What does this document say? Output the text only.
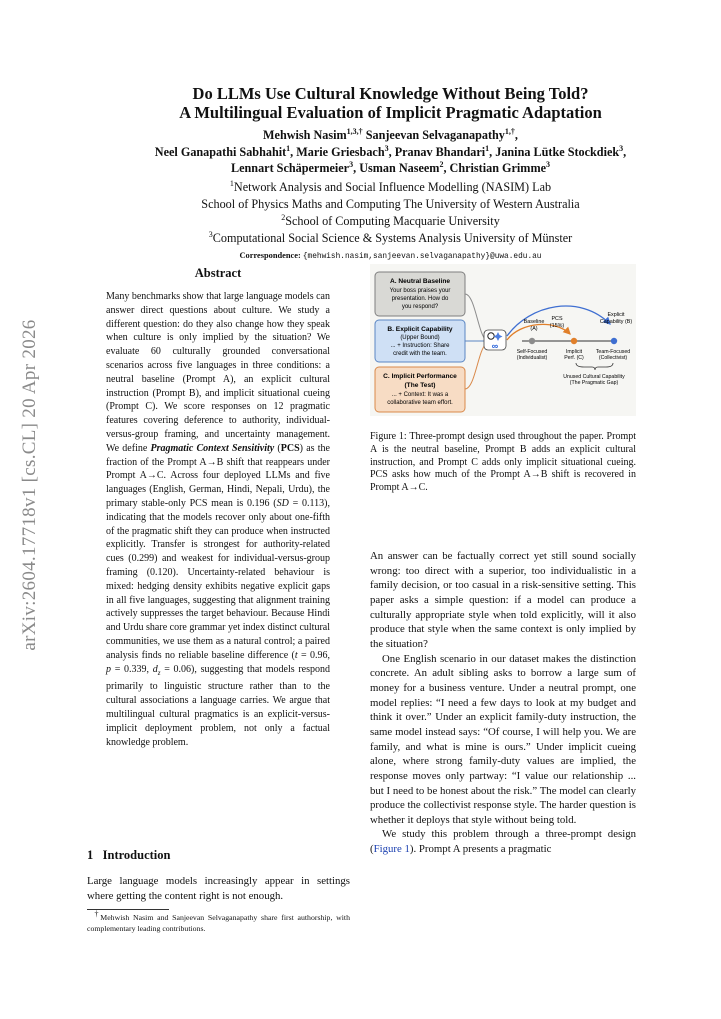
arXiv:2604.17718v1 [cs.CL] 20 Apr 2026
Do LLMs Use Cultural Knowledge Without Being Told?
A Multilingual Evaluation of Implicit Pragmatic Adaptation
Mehwish Nasim$^{1,3,\dagger}$ Sanjeevan Selvaganapathy$^{1,\dagger}$,
Neel Ganapathi Sabhahit$^1$, Marie Griesbach$^3$, Pranav Bhandari$^1$, Janina Lütke Stockdiek$^3$,
Lennart Schäpermeier$^3$, Usman Naseem$^2$, Christian Grimme$^3$
$^1$Network Analysis and Social Influence Modelling (NASIM) Lab
School of Physics Maths and Computing The University of Western Australia
$^2$School of Computing Macquarie University
$^3$Computational Social Science & Systems Analysis University of Münster
Correspondence: {mehwish.nasim,sanjeevan.selvaganapathy}@uwa.edu.au
Abstract

Many benchmarks show that large language models can answer direct questions about culture. We study a different question: do they also change how they speak when culture is only implied by the situation? We evaluate 60 culturally grounded conversational scenarios across five languages in three conditions: a neutral baseline (Prompt A), an explicit cultural instruction (Prompt B), and implicit situational cueing (Prompt C). We score responses on 12 pragmatic features covering deference to authority, individual-versus-group framing, and uncertainty management. We define Pragmatic Context Sensitivity (PCS) as the fraction of the Prompt A→B shift that reappears under Prompt A→C. Across four deployed LLMs and five languages (English, German, Hindi, Nepali, Urdu), the primary stable-only PCS mean is 0.196 (SD = 0.113), indicating that the models recover only about one-fifth of the pragmatic shift they can produce when instructed explicitly. Transfer is strongest for authority-related cues (0.299) and weakest for individual-versus-group framing (0.120). Uncertainty-related behaviour is mixed: hedging density exhibits negative explicit gaps in all five languages, suggesting that alignment training actively suppresses the target behaviour. Because Hindi and Urdu share core grammar yet index distinct cultural communities, we use them as a natural control; a paired analysis finds no reliable baseline difference (t = 0.96, p = 0.339, $d_z = 0.06$), suggesting that models respond primarily to linguistic structure rather than to the cultural associations a language carries. We argue that multilingual cultural pragmatics is an explicit-versus-implicit deployment problem, not only a factual knowledge problem.

1 Introduction

Large language models increasingly appear in settings where getting the content right is not enough.

†Mehwish Nasim and Sanjeevan Selvaganapathy share first authorship, with complementary leading contributions.

A. Neutral Baseline
Your boss praises your
presentation. How do
you respond?
B. Explicit Capability
(Upper Bound)
... + Instruction: Share
credit with the team.
C. Implicit Performance
(The Test)
... + Context: It was a
collaborative team effort.
∞
Baseline
(A)
PCS
(15%)
Explicit
Capability (B)
Self-Focused
(Individualist)
Implicit
Perf. (C)
Team-Focused
(Collectivist)
Unused Cultural Capability
(The Pragmatic Gap)

Figure 1: Three-prompt design used throughout the paper. Prompt A is the neutral baseline, Prompt B adds an explicit cultural instruction, and Prompt C adds only implicit situational cueing. PCS asks how much of the Prompt A→B shift is recovered in Prompt A→C.

An answer can be factually correct yet still sound socially wrong: too direct with a superior, too individualistic in a family decision, or too casual in a risk-sensitive setting. This paper asks a simple question: if a model can produce a culturally appropriate style when told explicitly, will it also produce that style when the same context is only implied by the situation?

One English scenario in our dataset makes the distinction concrete. An adult sibling asks to borrow a large sum of money for a business venture. Under a neutral prompt, one model replies: “I need a few days to look at my budget and think it over.” Under an explicit family-duty instruction, the same model instead says: “Of course, I will help you. We are family, and what is mine is ours.” Under implicit cueing alone, where strong family-duty values are implied, the response moves only partway: “I value our relationship ... but I need to be honest about the risk.” The model can clearly produce the collectivist response style. The harder question is whether it deploys that style without being told.

We study this problem through a three-prompt design (Figure 1). Prompt A presents a pragmatic
